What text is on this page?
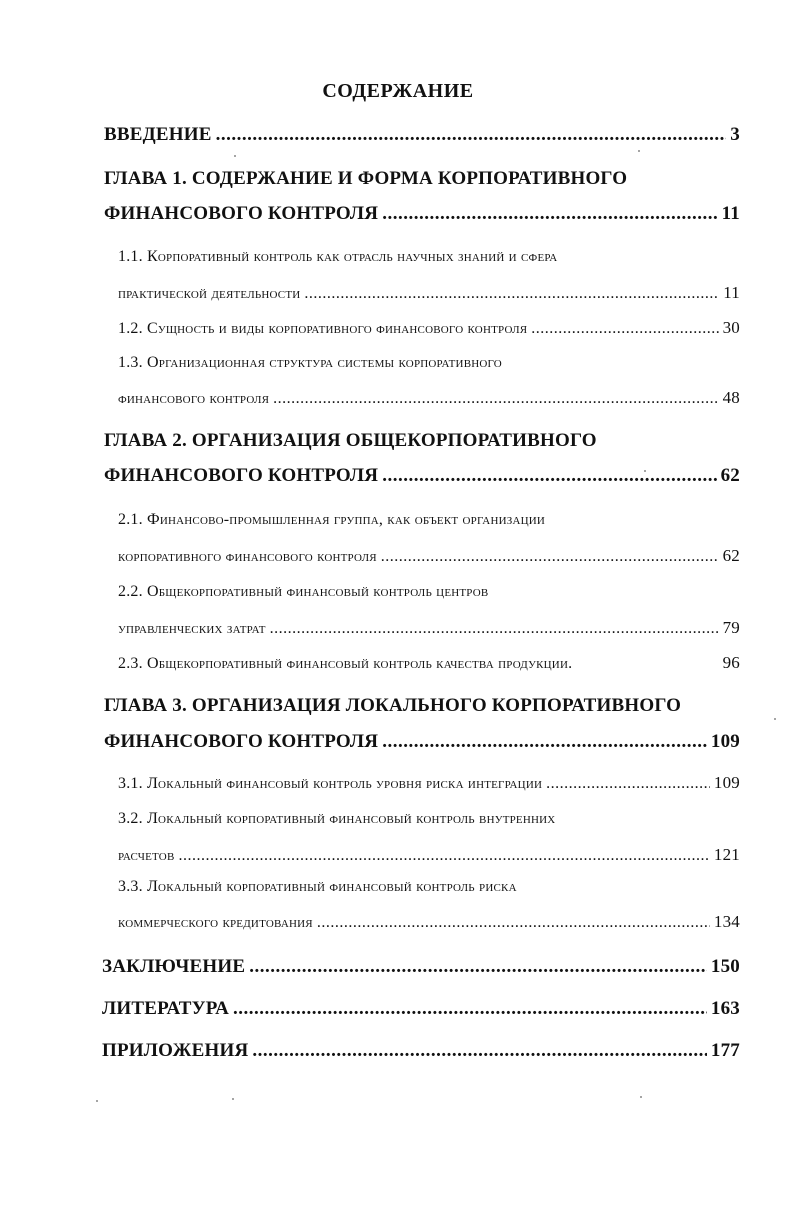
СОДЕРЖАНИЕ
ВВЕДЕНИЕ .....	3
ГЛАВА 1. СОДЕРЖАНИЕ И ФОРМА КОРПОРАТИВНОГО
ФИНАНСОВОГО КОНТРОЛЯ .....	11
1.1. Корпоративный контроль как отрасль научных знаний и сфера
практической деятельности .....	11
1.2. Сущность и виды корпоративного финансового контроля .....	30
1.3. Организационная структура системы корпоративного
финансового контроля .....	48
ГЛАВА 2. ОРГАНИЗАЦИЯ ОБЩЕКОРПОРАТИВНОГО
ФИНАНСОВОГО КОНТРОЛЯ .....	62
2.1. Финансово-промышленная группа, как объект организации
корпоративного финансового контроля .....	62
2.2. Общекорпоративный финансовый контроль центров
управленческих затрат .....	79
2.3. Общекорпоративный финансовый контроль качества продукции.	96
ГЛАВА 3. ОРГАНИЗАЦИЯ ЛОКАЛЬНОГО КОРПОРАТИВНОГО
ФИНАНСОВОГО КОНТРОЛЯ .....	109
3.1. Локальный финансовый контроль уровня риска интеграции .....	109
3.2. Локальный корпоративный финансовый контроль внутренних
расчетов .....	121
3.3. Локальный корпоративный финансовый контроль риска
коммерческого кредитования .....	134
ЗАКЛЮЧЕНИЕ .....	150
ЛИТЕРАТУРА .....	163
ПРИЛОЖЕНИЯ .....	177
